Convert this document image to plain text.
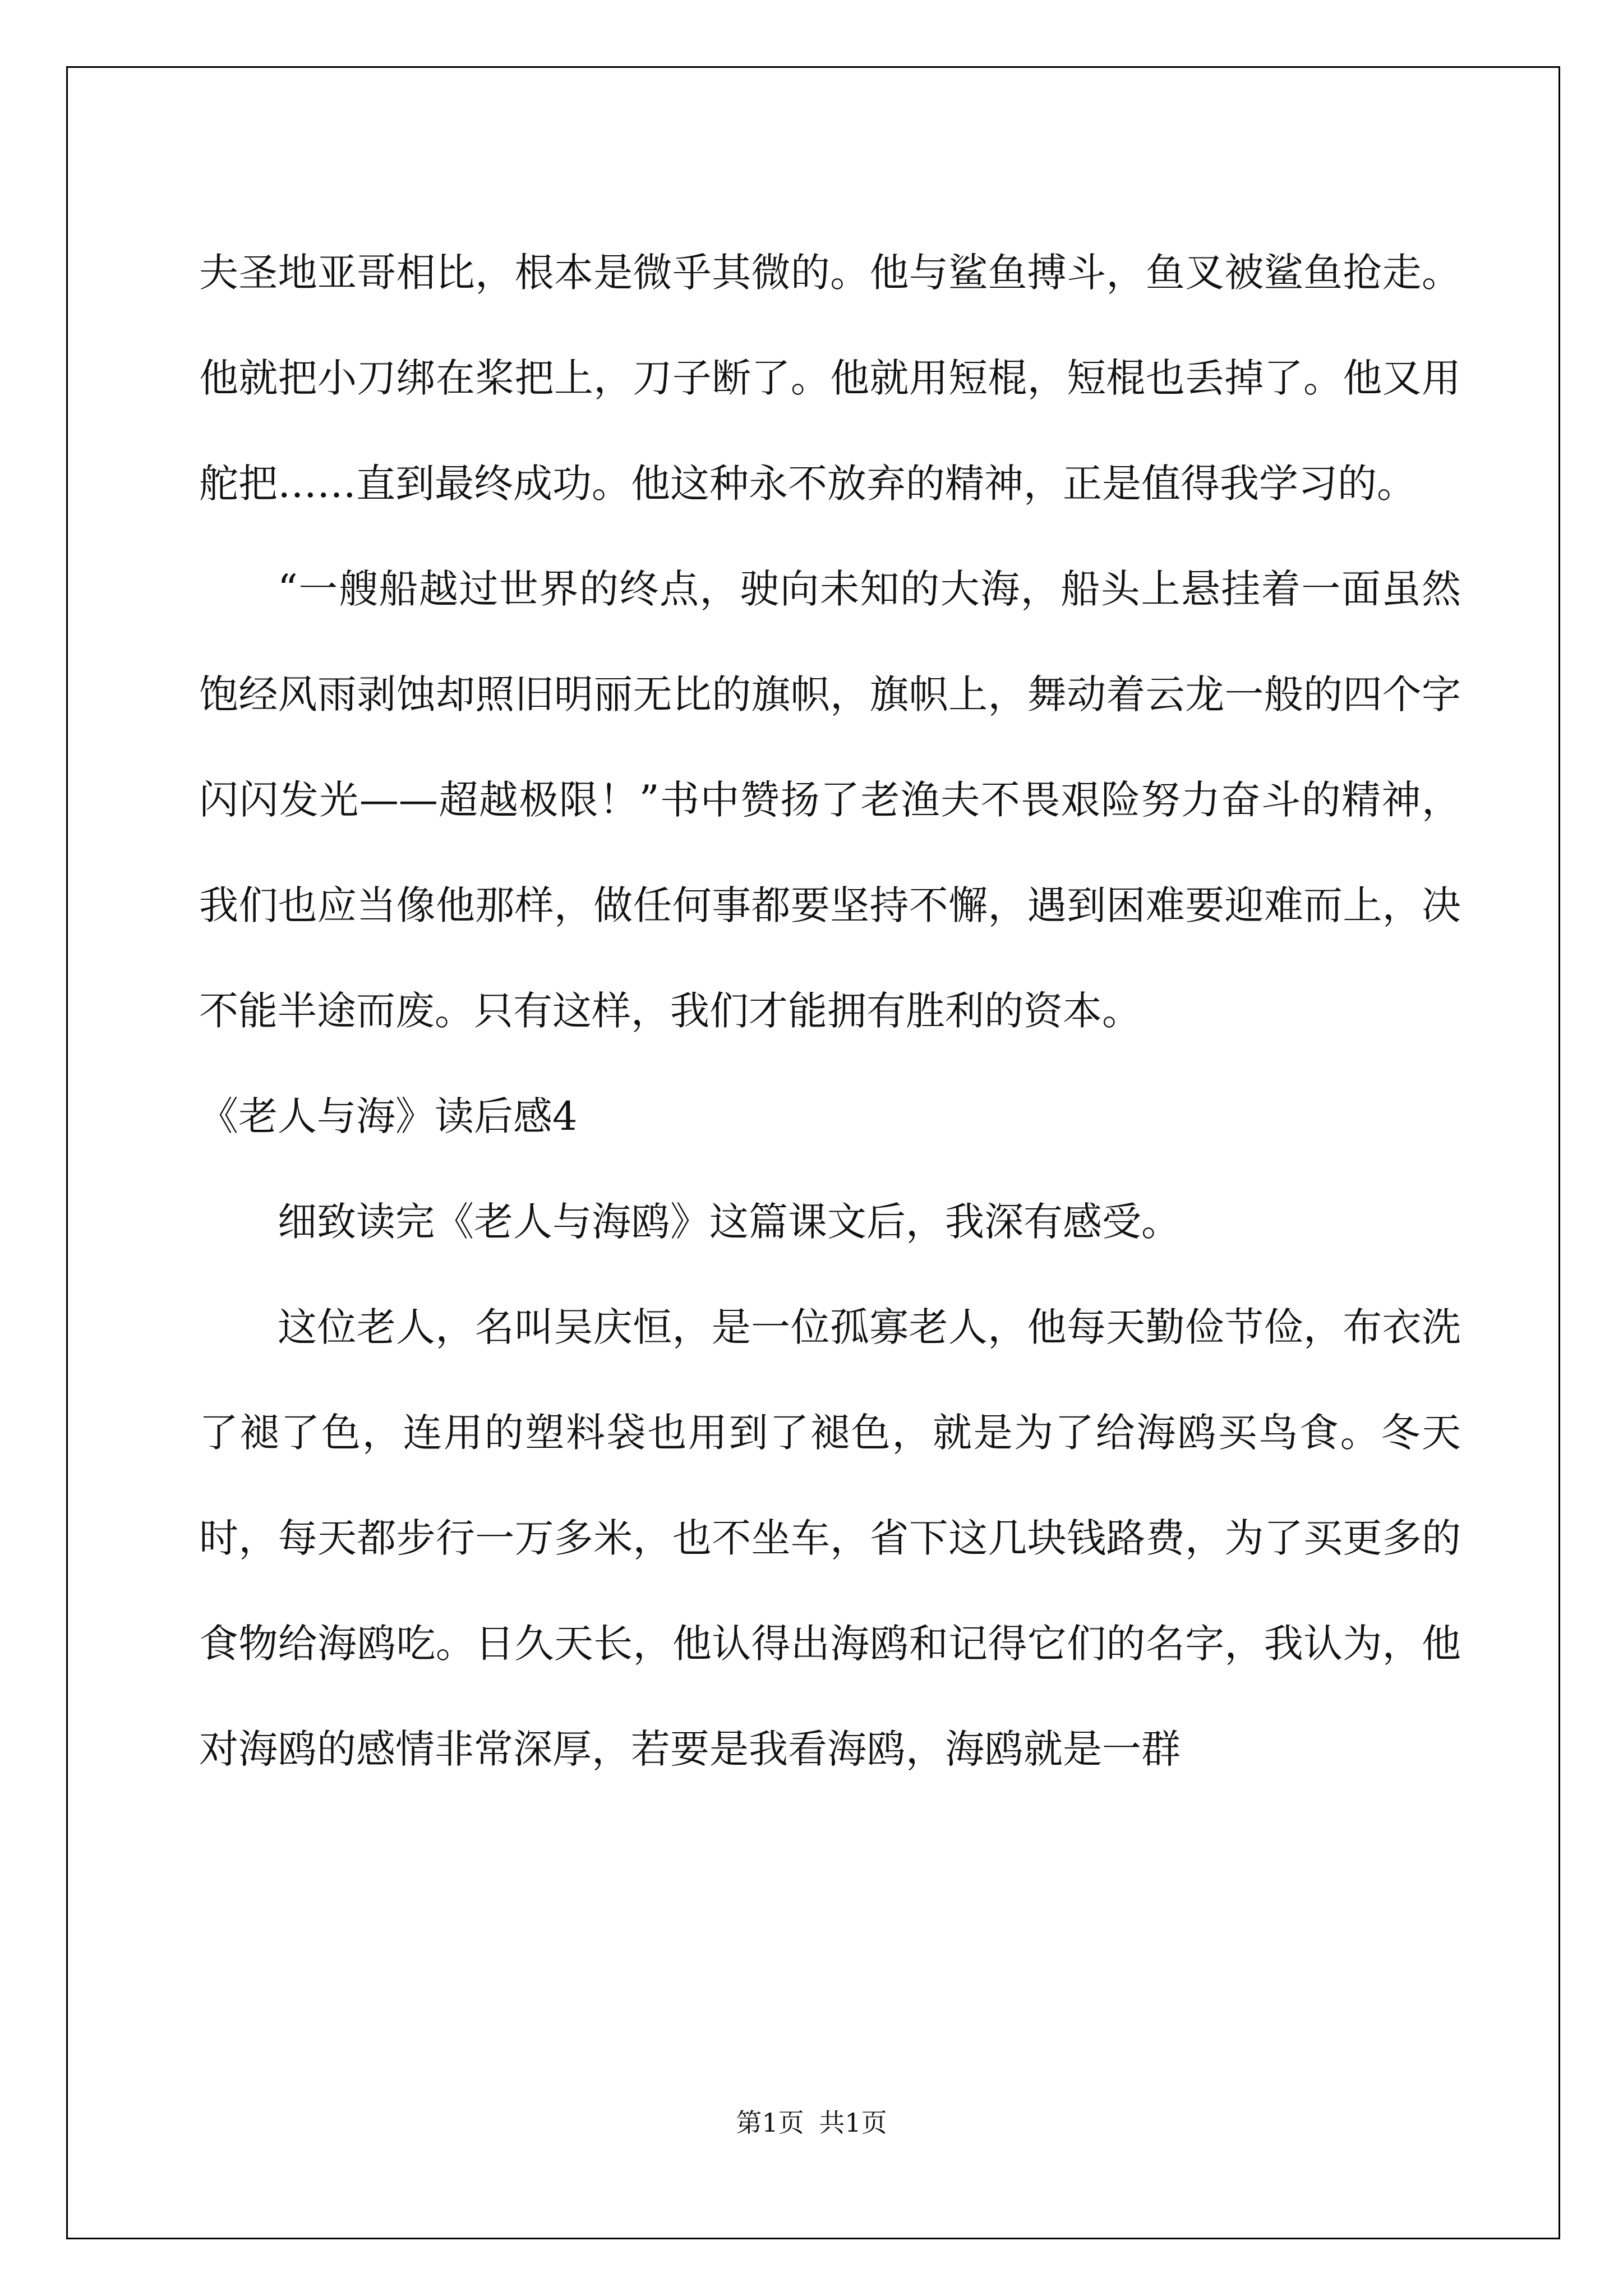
夫圣地亚哥相比，根本是微乎其微的。他与鲨鱼搏斗，鱼叉被鲨鱼抢走。他就把小刀绑在桨把上，刀子断了。他就用短棍，短棍也丢掉了。他又用舵把……直到最终成功。他这种永不放弃的精神，正是值得我学习的。

“一艘船越过世界的终点，驶向未知的大海，船头上悬挂着一面虽然饱经风雨剥蚀却照旧明丽无比的旗帜，旗帜上，舞动着云龙一般的四个字闪闪发光——超越极限！”书中赞扬了老渔夫不畏艰险努力奋斗的精神，我们也应当像他那样，做任何事都要坚持不懈，遇到困难要迎难而上，决不能半途而废。只有这样，我们才能拥有胜利的资本。

《老人与海》读后感4

细致读完《老人与海鸥》这篇课文后，我深有感受。

这位老人，名叫吴庆恒，是一位孤寡老人，他每天勤俭节俭，布衣洗了褪了色，连用的塑料袋也用到了褪色，就是为了给海鸥买鸟食。冬天时，每天都步行一万多米，也不坐车，省下这几块钱路费，为了买更多的食物给海鸥吃。日久天长，他认得出海鸥和记得它们的名字，我认为，他对海鸥的感情非常深厚，若要是我看海鸥，海鸥就是一群

第1页 共1页
